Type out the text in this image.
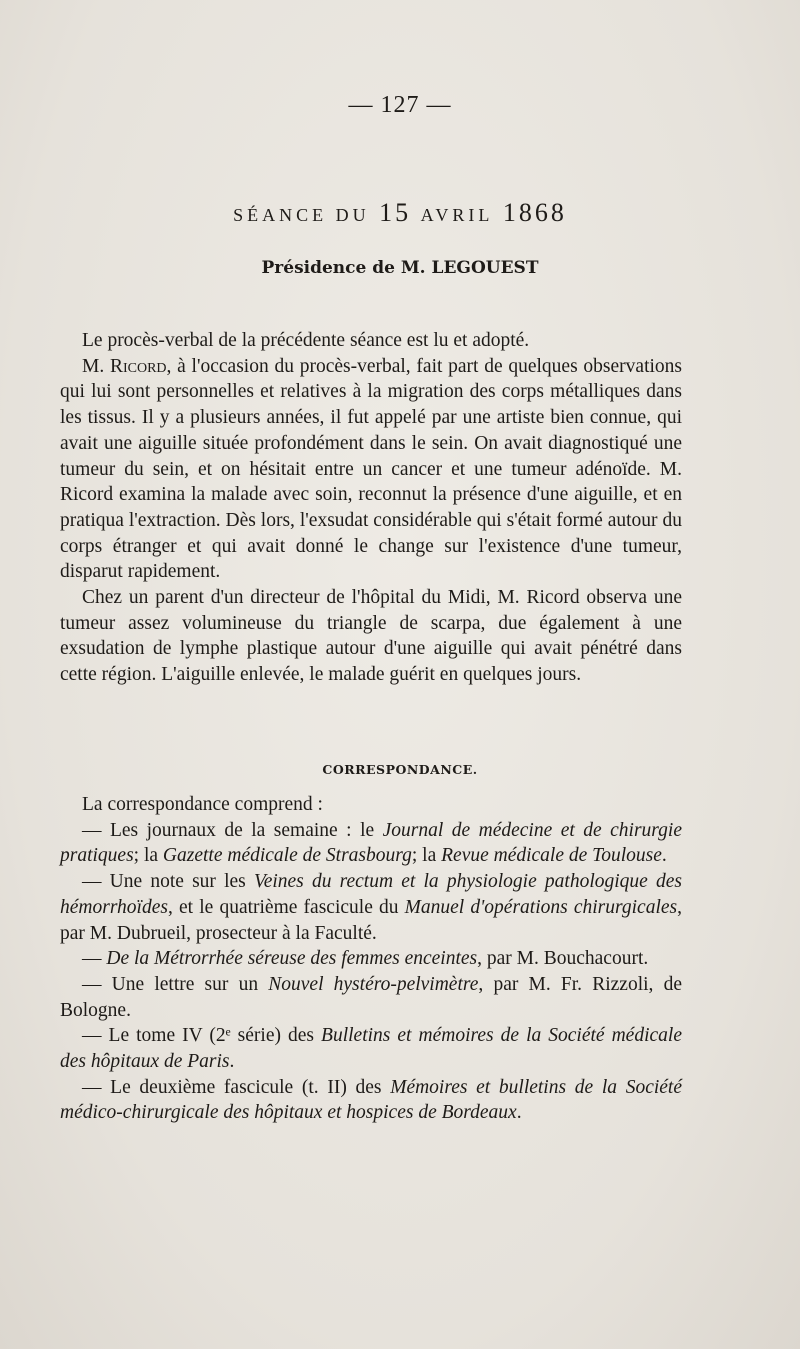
— 127 —
SÉANCE DU 15 AVRIL 1868
Présidence de M. LEGOUEST

Le procès-verbal de la précédente séance est lu et adopté.

M. Ricord, à l'occasion du procès-verbal, fait part de quelques observations qui lui sont personnelles et relatives à la migration des corps métalliques dans les tissus. Il y a plusieurs années, il fut appelé par une artiste bien connue, qui avait une aiguille située profondément dans le sein. On avait diagnostiqué une tumeur du sein, et on hésitait entre un cancer et une tumeur adénoïde. M. Ricord examina la malade avec soin, reconnut la présence d'une aiguille, et en pratiqua l'extraction. Dès lors, l'exsudat considérable qui s'était formé autour du corps étranger et qui avait donné le change sur l'existence d'une tumeur, disparut rapidement.

Chez un parent d'un directeur de l'hôpital du Midi, M. Ricord observa une tumeur assez volumineuse du triangle de scarpa, due également à une exsudation de lymphe plastique autour d'une aiguille qui avait pénétré dans cette région. L'aiguille enlevée, le malade guérit en quelques jours.

CORRESPONDANCE.

La correspondance comprend :

— Les journaux de la semaine : le Journal de médecine et de chirurgie pratiques; la Gazette médicale de Strasbourg; la Revue médicale de Toulouse.

— Une note sur les Veines du rectum et la physiologie pathologique des hémorrhoïdes, et le quatrième fascicule du Manuel d'opérations chirurgicales, par M. Dubrueil, prosecteur à la Faculté.

— De la Métrorrhée séreuse des femmes enceintes, par M. Bouchacourt.

— Une lettre sur un Nouvel hystéro-pelvimètre, par M. Fr. Rizzoli, de Bologne.

— Le tome IV (2ᵉ série) des Bulletins et mémoires de la Société médicale des hôpitaux de Paris.

— Le deuxième fascicule (t. II) des Mémoires et bulletins de la Société médico-chirurgicale des hôpitaux et hospices de Bordeaux.
